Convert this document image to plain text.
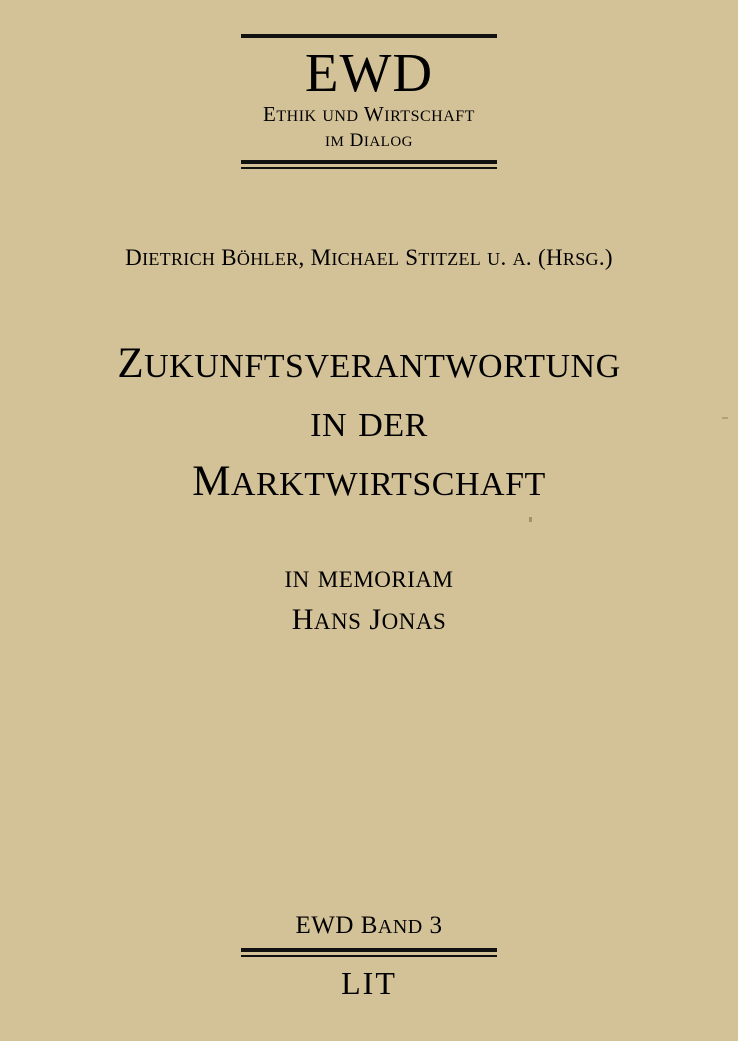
EWD
ETHIK UND WIRTSCHAFT
IM DIALOG
DIETRICH BÖHLER, MICHAEL STITZEL U. A. (HRSG.)
ZUKUNFTSVERANTWORTUNG
IN DER
MARKTWIRTSCHAFT
IN MEMORIAM
HANS JONAS
EWD BAND 3
LIT
